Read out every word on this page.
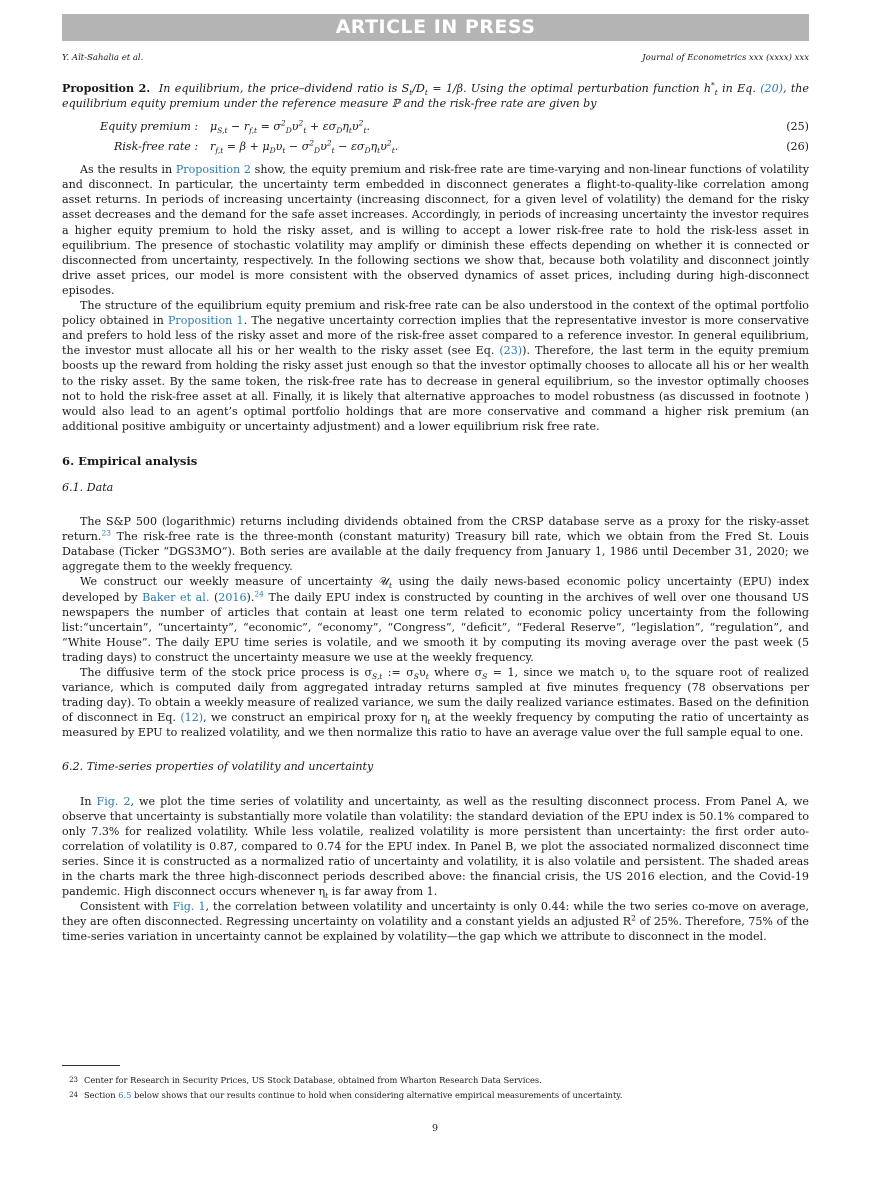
ARTICLE IN PRESS
Y. Aït-Sahalia et al.	Journal of Econometrics xxx (xxxx) xxx

Proposition 2. In equilibrium, the price–dividend ratio is $S_t/D_t = 1/\beta$. Using the optimal perturbation function $h^*_t$ in Eq. (20), the equilibrium equity premium under the reference measure ℙ and the risk-free rate are given by

Equity premium : $\mu_{S,t} - r_{f,t} = \sigma^2_D\upsilon^2_t + \varepsilon\sigma_D\eta_t\upsilon^2_t$.	(25)
Risk-free rate : $r_{f,t} = \beta + \mu_D\upsilon_t - \sigma^2_D\upsilon^2_t - \varepsilon\sigma_D\eta_t\upsilon^2_t$.	(26)

As the results in Proposition 2 show, the equity premium and risk-free rate are time-varying and non-linear functions of volatility and disconnect. In particular, the uncertainty term embedded in disconnect generates a flight-to-quality-like correlation among asset returns. In periods of increasing uncertainty (increasing disconnect, for a given level of volatility) the demand for the risky asset decreases and the demand for the safe asset increases. Accordingly, in periods of increasing uncertainty the investor requires a higher equity premium to hold the risky asset, and is willing to accept a lower risk-free rate to hold the risk-less asset in equilibrium. The presence of stochastic volatility may amplify or diminish these effects depending on whether it is connected or disconnected from uncertainty, respectively. In the following sections we show that, because both volatility and disconnect jointly drive asset prices, our model is more consistent with the observed dynamics of asset prices, including during high-disconnect episodes.

The structure of the equilibrium equity premium and risk-free rate can be also understood in the context of the optimal portfolio policy obtained in Proposition 1. The negative uncertainty correction implies that the representative investor is more conservative and prefers to hold less of the risky asset and more of the risk-free asset compared to a reference investor. In general equilibrium, the investor must allocate all his or her wealth to the risky asset (see Eq. (23)). Therefore, the last term in the equity premium boosts up the reward from holding the risky asset just enough so that the investor optimally chooses to allocate all his or her wealth to the risky asset. By the same token, the risk-free rate has to decrease in general equilibrium, so the investor optimally chooses not to hold the risk-free asset at all. Finally, it is likely that alternative approaches to model robustness (as discussed in footnote ) would also lead to an agent’s optimal portfolio holdings that are more conservative and command a higher risk premium (an additional positive ambiguity or uncertainty adjustment) and a lower equilibrium risk free rate.

6. Empirical analysis
6.1. Data

The S&P 500 (logarithmic) returns including dividends obtained from the CRSP database serve as a proxy for the risky-asset return.$^{23}$ The risk-free rate is the three-month (constant maturity) Treasury bill rate, which we obtain from the Fred St. Louis Database (Ticker “DGS3MO”). Both series are available at the daily frequency from January 1, 1986 until December 31, 2020; we aggregate them to the weekly frequency.

We construct our weekly measure of uncertainty 𝒰$_t$ using the daily news-based economic policy uncertainty (EPU) index developed by Baker et al. (2016).$^{24}$ The daily EPU index is constructed by counting in the archives of well over one thousand US newspapers the number of articles that contain at least one term related to economic policy uncertainty from the following list:“uncertain”, “uncertainty”, “economic”, “economy”, “Congress”, “deficit”, “Federal Reserve”, “legislation”, “regulation”, and “White House”. The daily EPU time series is volatile, and we smooth it by computing its moving average over the past week (5 trading days) to construct the uncertainty measure we use at the weekly frequency.

The diffusive term of the stock price process is $\sigma_{S,t}$ := $\sigma_S\upsilon_t$ where $\sigma_S = 1$, since we match $\upsilon_t$ to the square root of realized variance, which is computed daily from aggregated intraday returns sampled at five minutes frequency (78 observations per trading day). To obtain a weekly measure of realized variance, we sum the daily realized variance estimates. Based on the definition of disconnect in Eq. (12), we construct an empirical proxy for $\eta_t$ at the weekly frequency by computing the ratio of uncertainty as measured by EPU to realized volatility, and we then normalize this ratio to have an average value over the full sample equal to one.

6.2. Time-series properties of volatility and uncertainty

In Fig. 2, we plot the time series of volatility and uncertainty, as well as the resulting disconnect process. From Panel A, we observe that uncertainty is substantially more volatile than volatility: the standard deviation of the EPU index is 50.1% compared to only 7.3% for realized volatility. While less volatile, realized volatility is more persistent than uncertainty: the first order auto-correlation of volatility is 0.87, compared to 0.74 for the EPU index. In Panel B, we plot the associated normalized disconnect time series. Since it is constructed as a normalized ratio of uncertainty and volatility, it is also volatile and persistent. The shaded areas in the charts mark the three high-disconnect periods described above: the financial crisis, the US 2016 election, and the Covid-19 pandemic. High disconnect occurs whenever $\eta_t$ is far away from 1.

Consistent with Fig. 1, the correlation between volatility and uncertainty is only 0.44: while the two series co-move on average, they are often disconnected. Regressing uncertainty on volatility and a constant yields an adjusted $R^2$ of 25%. Therefore, 75% of the time-series variation in uncertainty cannot be explained by volatility—the gap which we attribute to disconnect in the model.

23 Center for Research in Security Prices, US Stock Database, obtained from Wharton Research Data Services.
24 Section 6.5 below shows that our results continue to hold when considering alternative empirical measurements of uncertainty.
9
